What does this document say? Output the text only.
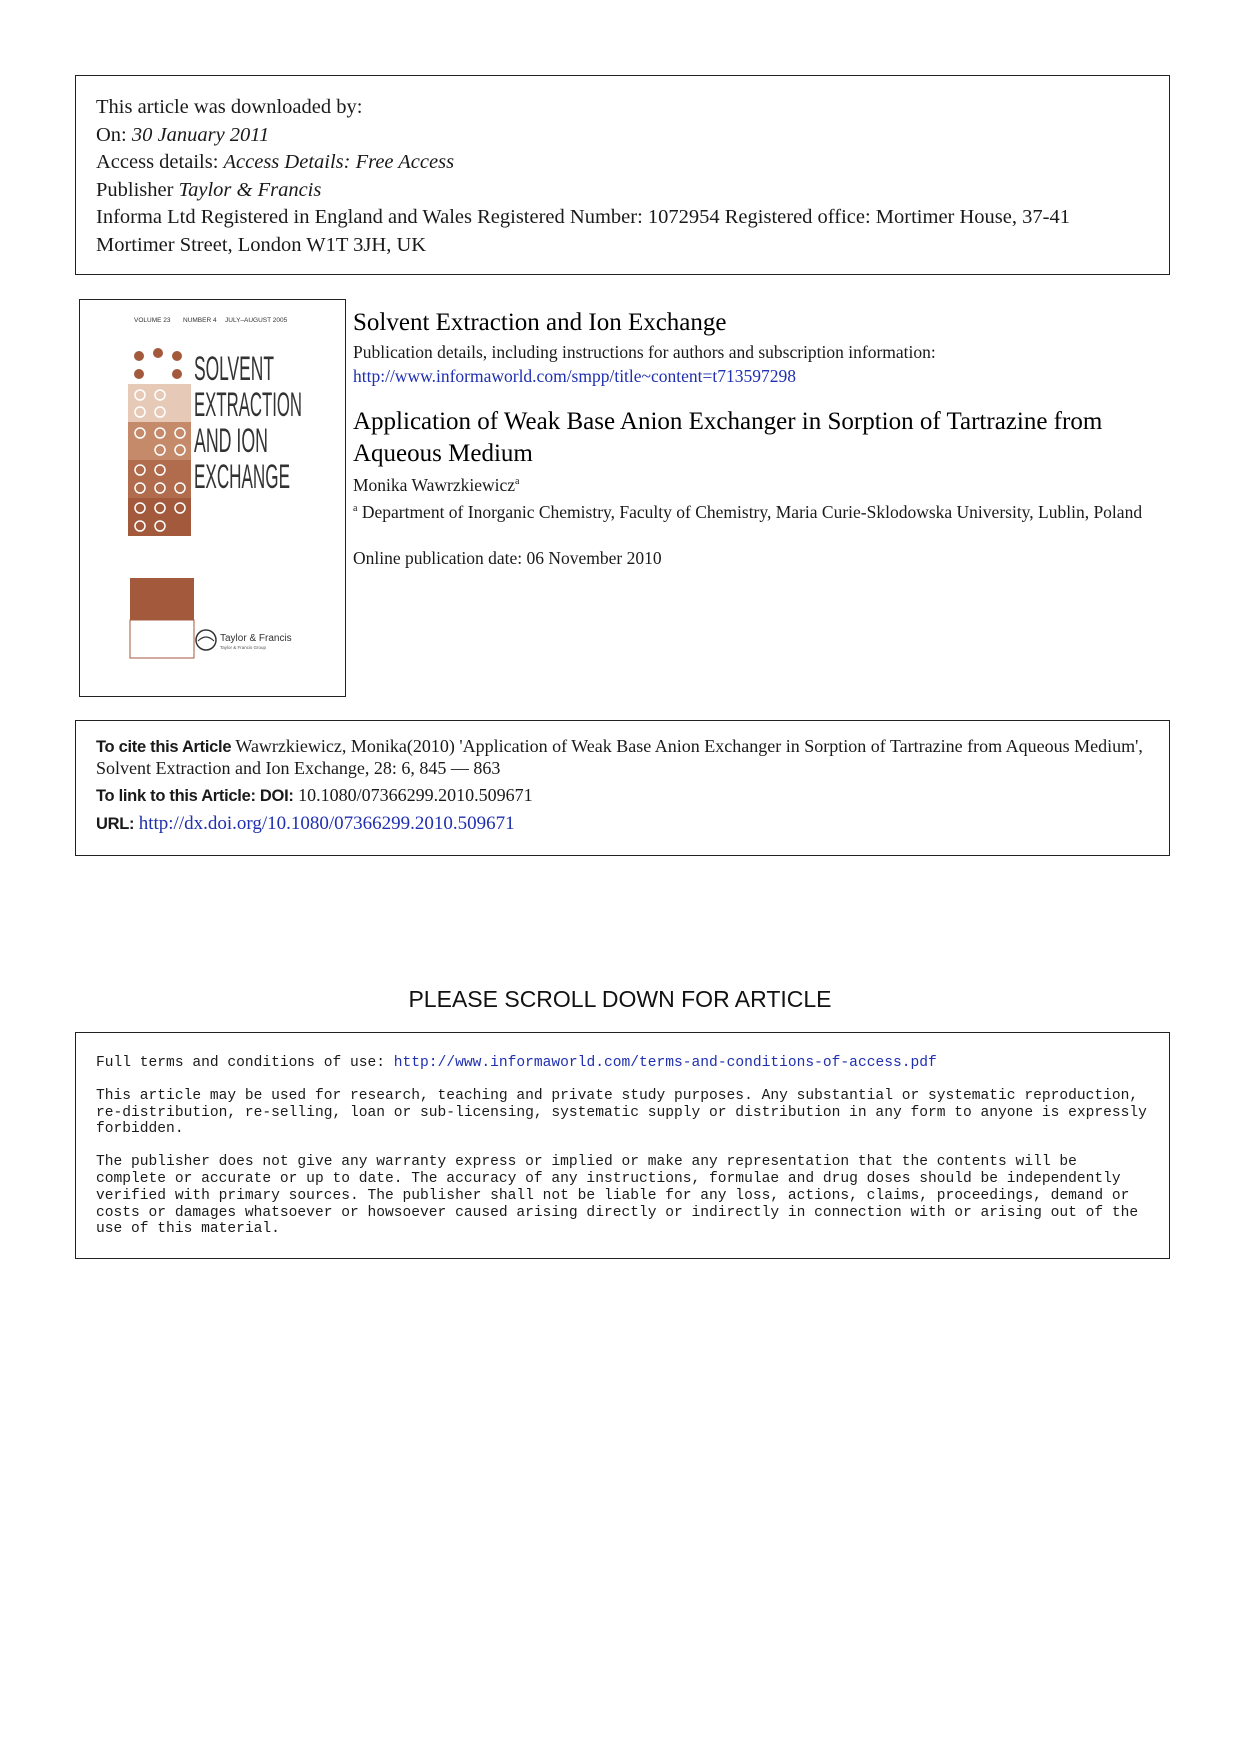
This article was downloaded by:
On: 30 January 2011
Access details: Access Details: Free Access
Publisher Taylor & Francis
Informa Ltd Registered in England and Wales Registered Number: 1072954 Registered office: Mortimer House, 37-41 Mortimer Street, London W1T 3JH, UK
VOLUME 23 NUMBER 4 JULY–AUGUST 2005
SOLVENT
EXTRACTION
AND ION
EXCHANGE
Taylor & Francis
Taylor & Francis Group
Solvent Extraction and Ion Exchange
Publication details, including instructions for authors and subscription information:
http://www.informaworld.com/smpp/title~content=t713597298
Application of Weak Base Anion Exchanger in Sorption of Tartrazine from Aqueous Medium
Monika Wawrzkiewicz$^a$
$^a$ Department of Inorganic Chemistry, Faculty of Chemistry, Maria Curie-Sklodowska University, Lublin, Poland
Online publication date: 06 November 2010
To cite this Article Wawrzkiewicz, Monika(2010) 'Application of Weak Base Anion Exchanger in Sorption of Tartrazine from Aqueous Medium', Solvent Extraction and Ion Exchange, 28: 6, 845 — 863
To link to this Article: DOI: 10.1080/07366299.2010.509671
URL: http://dx.doi.org/10.1080/07366299.2010.509671
PLEASE SCROLL DOWN FOR ARTICLE

Full terms and conditions of use: http://www.informaworld.com/terms-and-conditions-of-access.pdf

This article may be used for research, teaching and private study purposes. Any substantial or systematic reproduction, re-distribution, re-selling, loan or sub-licensing, systematic supply or distribution in any form to anyone is expressly forbidden.

The publisher does not give any warranty express or implied or make any representation that the contents will be complete or accurate or up to date. The accuracy of any instructions, formulae and drug doses should be independently verified with primary sources. The publisher shall not be liable for any loss, actions, claims, proceedings, demand or costs or damages whatsoever or howsoever caused arising directly or indirectly in connection with or arising out of the use of this material.
